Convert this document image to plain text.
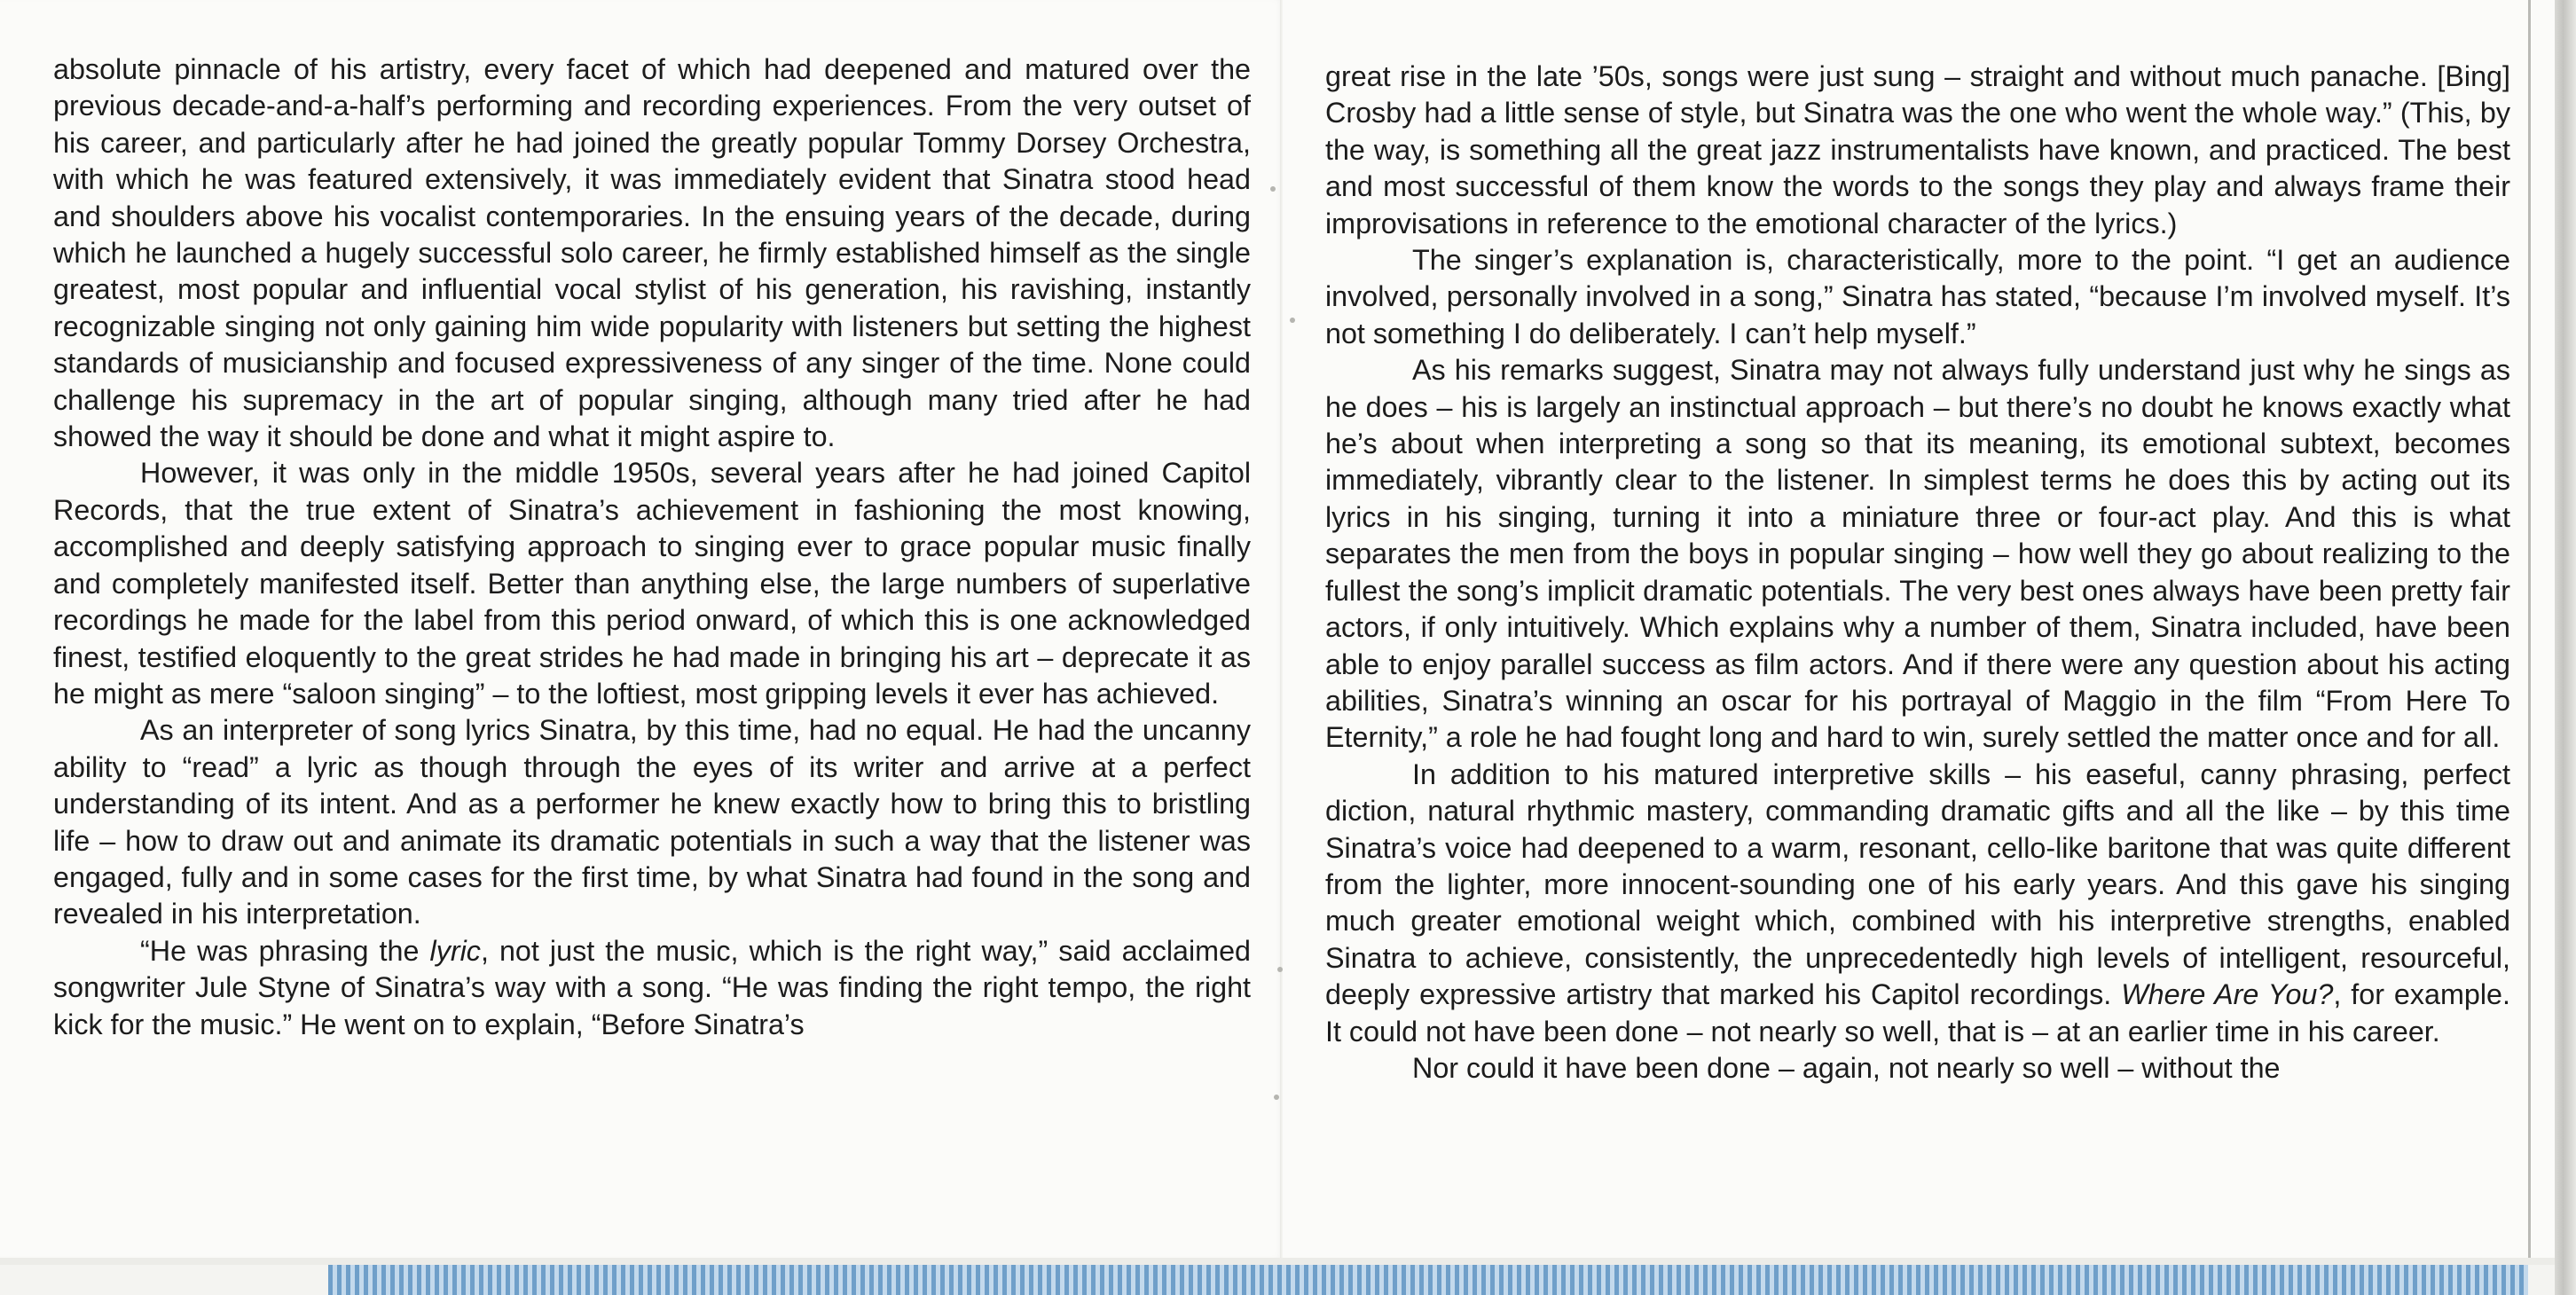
absolute pinnacle of his artistry, every facet of which had deepened and matured over the previous decade-and-a-half’s performing and recording experiences. From the very outset of his career, and particularly after he had joined the greatly popular Tommy Dorsey Orchestra, with which he was featured extensively, it was immediately evident that Sinatra stood head and shoulders above his vocalist contemporaries. In the ensuing years of the decade, during which he launched a hugely successful solo career, he firmly established himself as the single greatest, most popular and influential vocal stylist of his generation, his ravishing, instantly recognizable singing not only gaining him wide popularity with listeners but setting the highest standards of musicianship and focused expressiveness of any singer of the time. None could challenge his supremacy in the art of popular singing, although many tried after he had showed the way it should be done and what it might aspire to.

However, it was only in the middle 1950s, several years after he had joined Capitol Records, that the true extent of Sinatra’s achievement in fashioning the most knowing, accomplished and deeply satisfying approach to singing ever to grace popular music finally and completely manifested itself. Better than anything else, the large numbers of superlative recordings he made for the label from this period onward, of which this is one acknowledged finest, testified eloquently to the great strides he had made in bringing his art – deprecate it as he might as mere “saloon singing” – to the loftiest, most gripping levels it ever has achieved.

As an interpreter of song lyrics Sinatra, by this time, had no equal. He had the uncanny ability to “read” a lyric as though through the eyes of its writer and arrive at a perfect understanding of its intent. And as a performer he knew exactly how to bring this to bristling life – how to draw out and animate its dramatic potentials in such a way that the listener was engaged, fully and in some cases for the first time, by what Sinatra had found in the song and revealed in his interpretation.

“He was phrasing the lyric, not just the music, which is the right way,” said acclaimed songwriter Jule Styne of Sinatra’s way with a song. “He was finding the right tempo, the right kick for the music.” He went on to explain, “Before Sinatra’s

great rise in the late ’50s, songs were just sung – straight and without much panache. [Bing] Crosby had a little sense of style, but Sinatra was the one who went the whole way.” (This, by the way, is something all the great jazz instrumentalists have known, and practiced. The best and most successful of them know the words to the songs they play and always frame their improvisations in reference to the emotional character of the lyrics.)

The singer’s explanation is, characteristically, more to the point. “I get an audience involved, personally involved in a song,” Sinatra has stated, “because I’m involved myself. It’s not something I do deliberately. I can’t help myself.”

As his remarks suggest, Sinatra may not always fully understand just why he sings as he does – his is largely an instinctual approach – but there’s no doubt he knows exactly what he’s about when interpreting a song so that its meaning, its emotional subtext, becomes immediately, vibrantly clear to the listener. In simplest terms he does this by acting out its lyrics in his singing, turning it into a miniature three or four-act play. And this is what separates the men from the boys in popular singing – how well they go about realizing to the fullest the song’s implicit dramatic potentials. The very best ones always have been pretty fair actors, if only intuitively. Which explains why a number of them, Sinatra included, have been able to enjoy parallel success as film actors. And if there were any question about his acting abilities, Sinatra’s winning an oscar for his portrayal of Maggio in the film “From Here To Eternity,” a role he had fought long and hard to win, surely settled the matter once and for all.

In addition to his matured interpretive skills – his easeful, canny phrasing, perfect diction, natural rhythmic mastery, commanding dramatic gifts and all the like – by this time Sinatra’s voice had deepened to a warm, resonant, cello-like baritone that was quite different from the lighter, more innocent-sounding one of his early years. And this gave his singing much greater emotional weight which, combined with his interpretive strengths, enabled Sinatra to achieve, consistently, the unprecedentedly high levels of intelligent, resourceful, deeply expressive artistry that marked his Capitol recordings. Where Are You?, for example. It could not have been done – not nearly so well, that is – at an earlier time in his career.

Nor could it have been done – again, not nearly so well – without the
